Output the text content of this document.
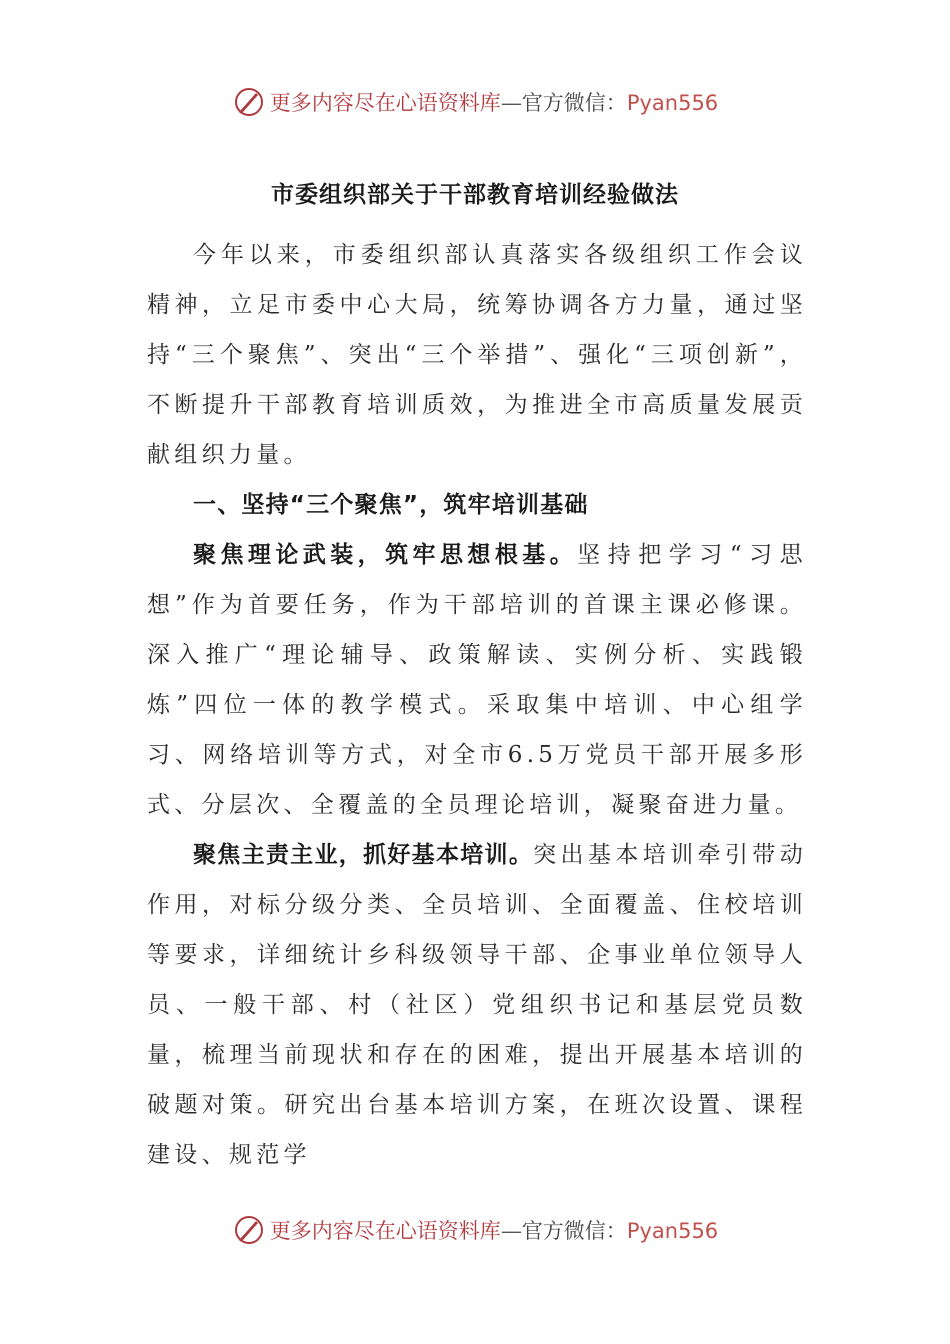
更多内容尽在心语资料库—官方微信：Pyan556
市委组织部关于干部教育培训经验做法

今年以来，市委组织部认真落实各级组织工作会议精神，立足市委中心大局，统筹协调各方力量，通过坚持“三个聚焦”、突出“三个举措”、强化“三项创新”，不断提升干部教育培训质效，为推进全市高质量发展贡献组织力量。

一、坚持“三个聚焦”，筑牢培训基础

聚焦理论武装，筑牢思想根基。坚持把学习“习思想”作为首要任务，作为干部培训的首课主课必修课。深入推广“理论辅导、政策解读、实例分析、实践锻炼”四位一体的教学模式。采取集中培训、中心组学习、网络培训等方式，对全市6.5万党员干部开展多形式、分层次、全覆盖的全员理论培训，凝聚奋进力量。

聚焦主责主业，抓好基本培训。突出基本培训牵引带动作用，对标分级分类、全员培训、全面覆盖、住校培训等要求，详细统计乡科级领导干部、企事业单位领导人员、一般干部、村（社区）党组织书记和基层党员数量，梳理当前现状和存在的困难，提出开展基本培训的破题对策。研究出台基本培训方案，在班次设置、课程建设、规范学

更多内容尽在心语资料库—官方微信：Pyan556
